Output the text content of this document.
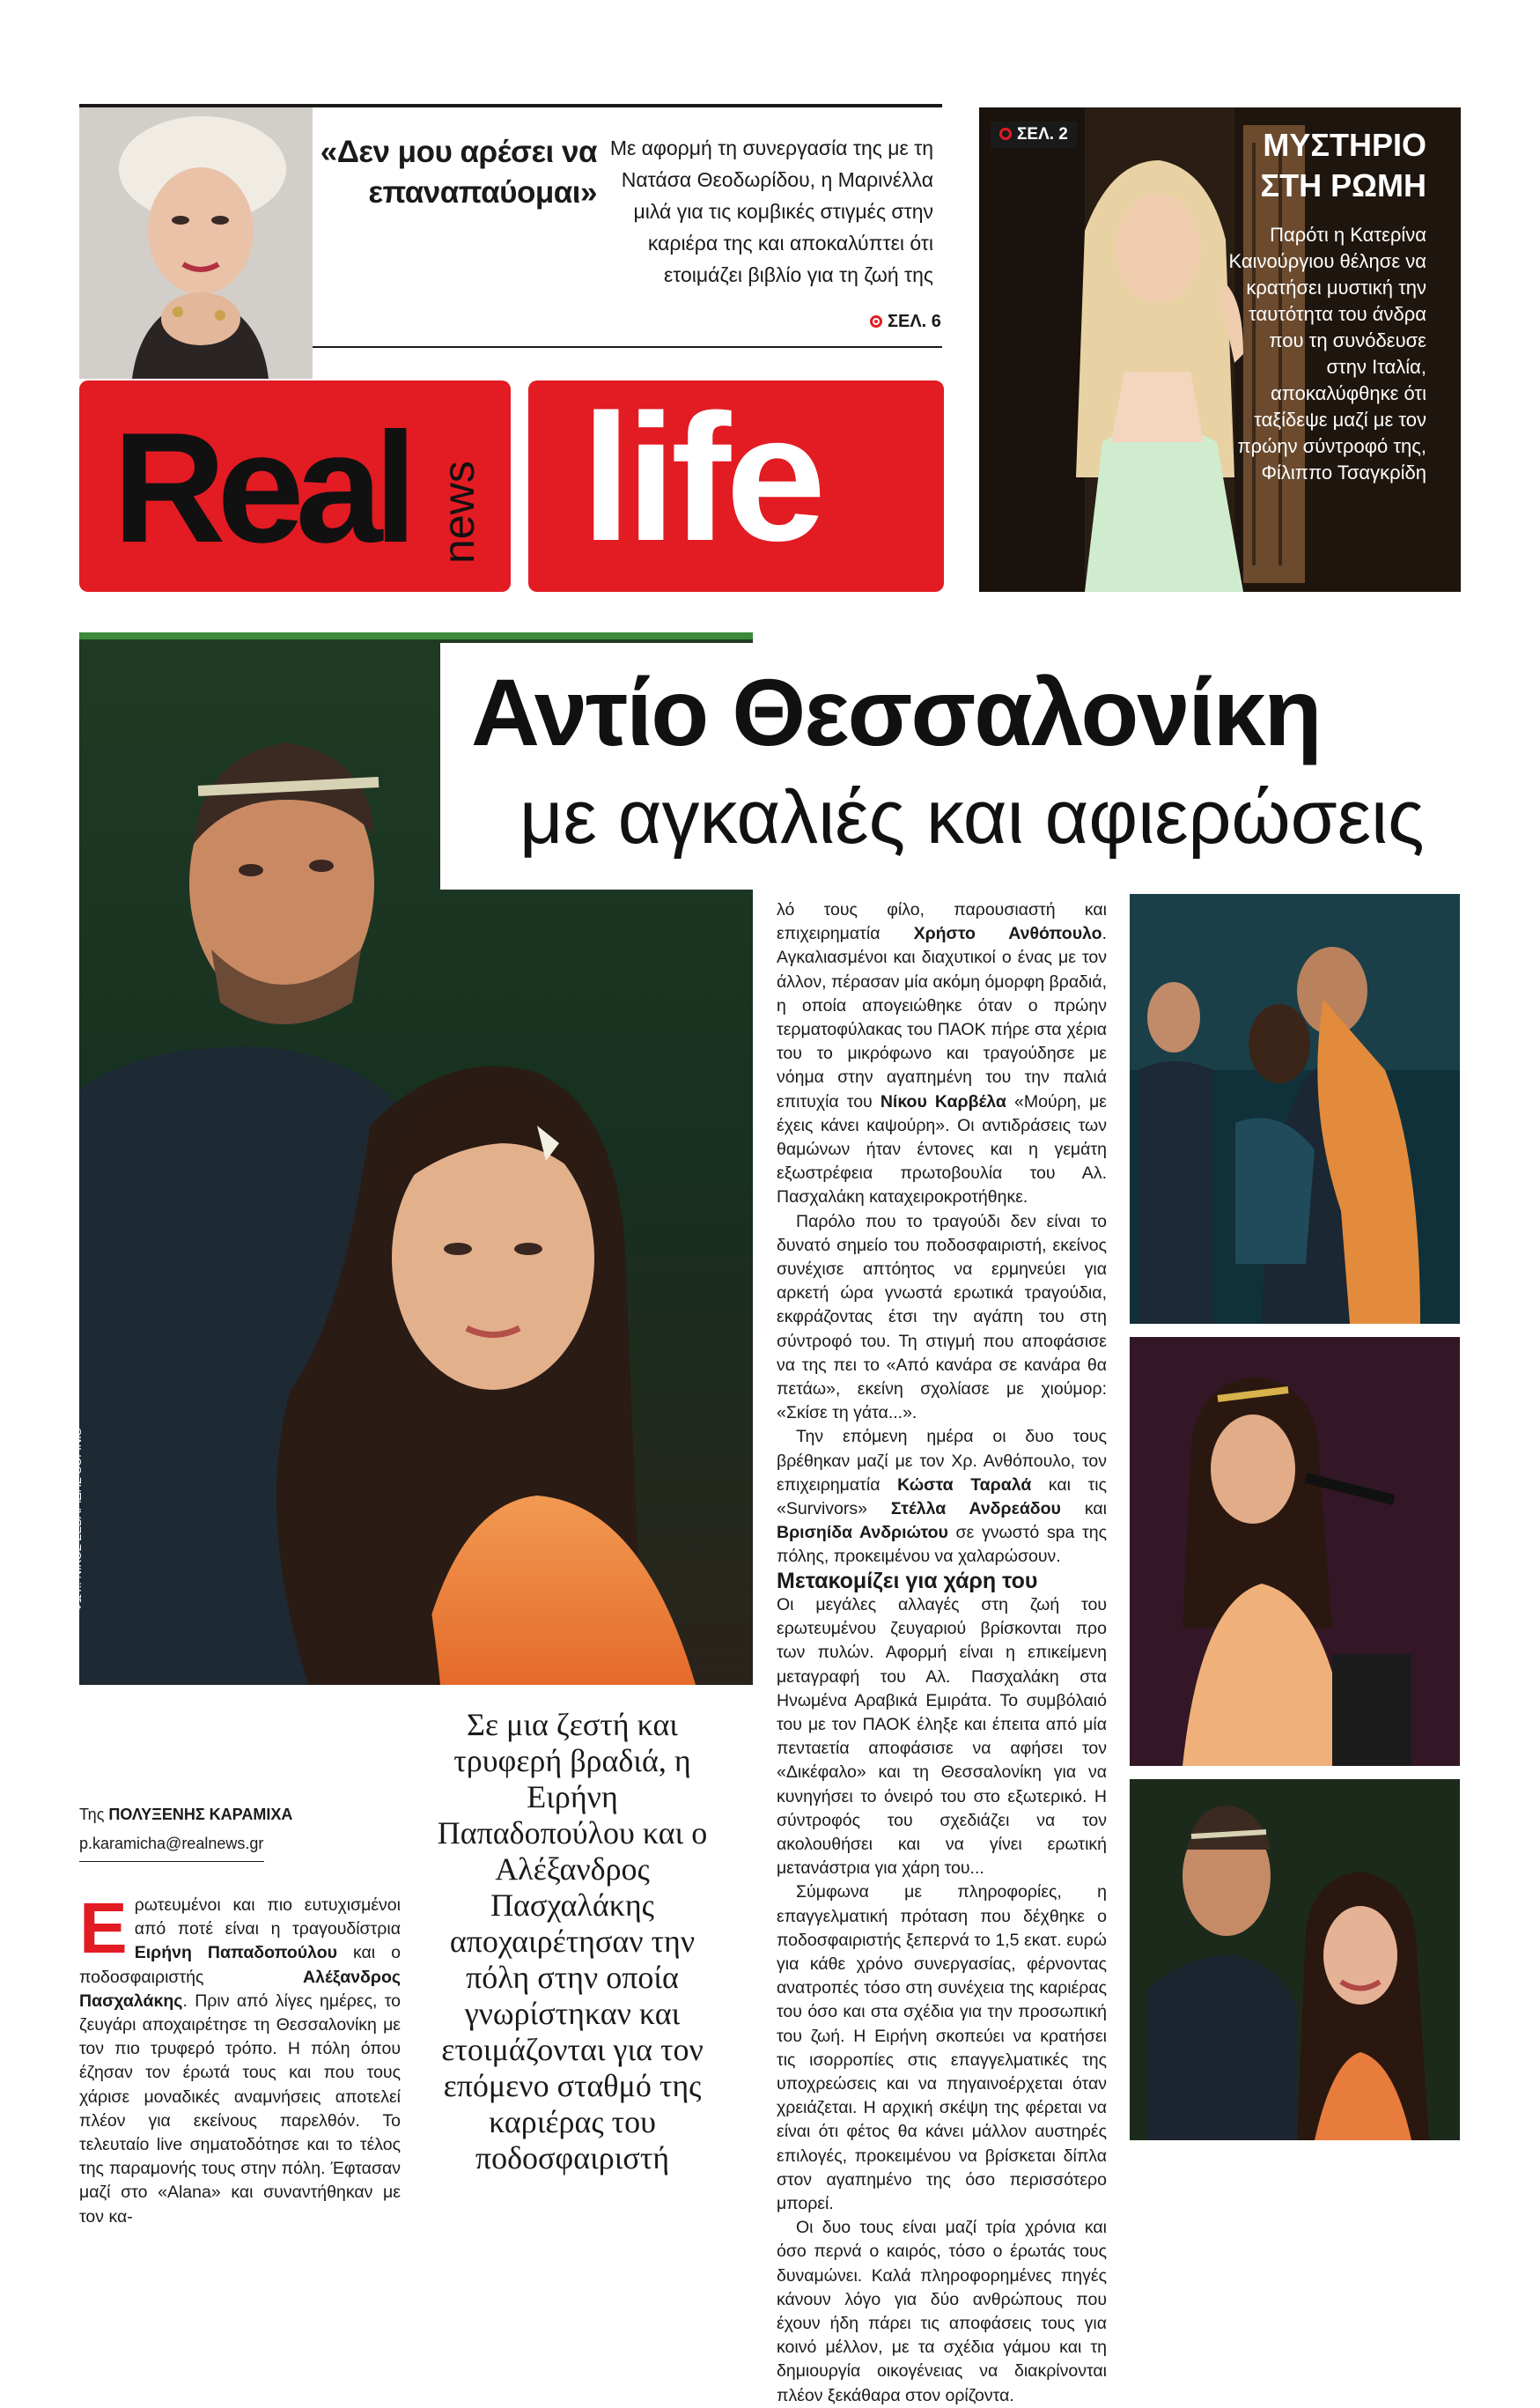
«Δεν μου αρέσει να επαναπαύομαι»
Με αφορμή τη συνεργασία της με τη Νατάσα Θεοδωρίδου, η Μαρινέλλα μιλά για τις κομβικές στιγμές στην καριέρα της και αποκαλύπτει ότι ετοιμάζει βιβλίο για τη ζωή της
ΣΕΛ. 6
Real news life
ΣΕΛ. 2	ΜΥΣΤΗΡΙΟ
ΣΤΗ ΡΩΜΗ
Παρότι η Κατερίνα Καινούργιου θέλησε να κρατήσει μυστική την ταυτότητα του άνδρα που τη συνόδευσε στην Ιταλία, αποκαλύφθηκε ότι ταξίδεψε μαζί με τον πρώην σύντροφό της, Φίλιππο Τσαγκρίδη
ΦΩΤ.: ΝΙΚΟΣ ΣΕΒΑΡΙΔΗΣ SOFINIS
Αντίο Θεσσαλονίκη
με αγκαλιές και αφιερώσεις
Σε μια ζεστή και τρυφερή βραδιά, η Ειρήνη Παπαδοπούλου και ο Αλέξανδρος Πασχαλάκης αποχαιρέτησαν την πόλη στην οποία γνωρίστηκαν και ετοιμάζονται για τον επόμενο σταθμό της καριέρας του ποδοσφαιριστή
Της ΠΟΛΥΞΕΝΗΣ ΚΑΡΑΜΙΧΑ
p.karamicha@realnews.gr

Ερωτευμένοι και πιο ευτυχισμένοι από ποτέ είναι η τραγουδίστρια Ειρήνη Παπαδοπούλου και ο ποδοσφαιριστής Αλέξανδρος Πασχαλάκης. Πριν από λίγες ημέρες, το ζευγάρι αποχαιρέτησε τη Θεσσαλονίκη με τον πιο τρυφερό τρόπο. Η πόλη όπου έζησαν τον έρωτά τους και που τους χάρισε μοναδικές αναμνήσεις αποτελεί πλέον για εκείνους παρελθόν. Το τελευταίο live σηματοδότησε και το τέλος της παραμονής τους στην πόλη. Έφτασαν μαζί στο «Alana» και συναντήθηκαν με τον κα-

λό τους φίλο, παρουσιαστή και επιχειρηματία Χρήστο Ανθόπουλο. Αγκαλιασμένοι και διαχυτικοί ο ένας με τον άλλον, πέρασαν μία ακόμη όμορφη βραδιά, η οποία απογειώθηκε όταν ο πρώην τερματοφύλακας του ΠΑΟΚ πήρε στα χέρια του το μικρόφωνο και τραγούδησε με νόημα στην αγαπημένη του την παλιά επιτυχία του Νίκου Καρβέλα «Μούρη, με έχεις κάνει καψούρη». Οι αντιδράσεις των θαμώνων ήταν έντονες και η γεμάτη εξωστρέφεια πρωτοβουλία του Αλ. Πασχαλάκη καταχειροκροτήθηκε.

Παρόλο που το τραγούδι δεν είναι το δυνατό σημείο του ποδοσφαιριστή, εκείνος συνέχισε απτόητος να ερμηνεύει για αρκετή ώρα γνωστά ερωτικά τραγούδια, εκφράζοντας έτσι την αγάπη του στη σύντροφό του. Τη στιγμή που αποφάσισε να της πει το «Από κανάρα σε κανάρα θα πετάω», εκείνη σχολίασε με χιούμορ: «Σκίσε τη γάτα...».

Την επόμενη ημέρα οι δυο τους βρέθηκαν μαζί με τον Χρ. Ανθόπουλο, τον επιχειρηματία Κώστα Ταραλά και τις «Survivors» Στέλλα Ανδρεάδου και Βρισηίδα Ανδριώτου σε γνωστό spa της πόλης, προκειμένου να χαλαρώσουν.

Μετακομίζει για χάρη του

Οι μεγάλες αλλαγές στη ζωή του ερωτευμένου ζευγαριού βρίσκονται προ των πυλών. Αφορμή είναι η επικείμενη μεταγραφή του Αλ. Πασχαλάκη στα Ηνωμένα Αραβικά Εμιράτα. Το συμβόλαιό του με τον ΠΑΟΚ έληξε και έπειτα από μία πενταετία αποφάσισε να αφήσει τον «Δικέφαλο» και τη Θεσσαλονίκη για να κυνηγήσει το όνειρό του στο εξωτερικό. Η σύντροφός του σχεδιάζει να τον ακολουθήσει και να γίνει ερωτική μετανάστρια για χάρη του...

Σύμφωνα με πληροφορίες, η επαγγελματική πρόταση που δέχθηκε ο ποδοσφαιριστής ξεπερνά το 1,5 εκατ. ευρώ για κάθε χρόνο συνεργασίας, φέρνοντας ανατροπές τόσο στη συνέχεια της καριέρας του όσο και στα σχέδια για την προσωπική του ζωή. Η Ειρήνη σκοπεύει να κρατήσει τις ισορροπίες στις επαγγελματικές της υποχρεώσεις και να πηγαινοέρχεται όταν χρειάζεται. Η αρχική σκέψη της φέρεται να είναι ότι φέτος θα κάνει μάλλον αυστηρές επιλογές, προκειμένου να βρίσκεται δίπλα στον αγαπημένο της όσο περισσότερο μπορεί.

Οι δυο τους είναι μαζί τρία χρόνια και όσο περνά ο καιρός, τόσο ο έρωτάς τους δυναμώνει. Καλά πληροφορημένες πηγές κάνουν λόγο για δύο ανθρώπους που έχουν ήδη πάρει τις αποφάσεις τους για κοινό μέλλον, με τα σχέδια γάμου και τη δημιουργία οικογένειας να διακρίνονται πλέον ξεκάθαρα στον ορίζοντα.
